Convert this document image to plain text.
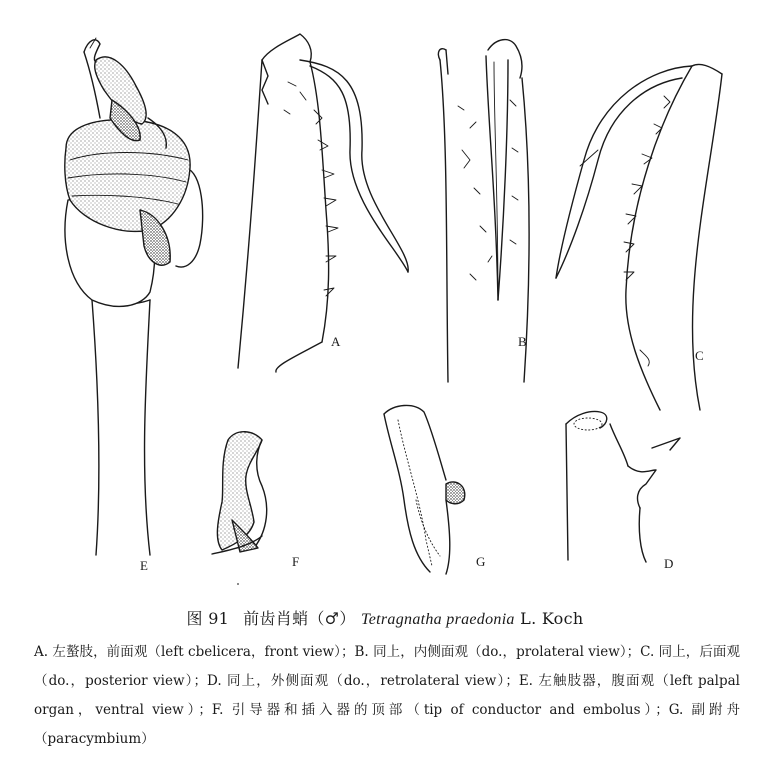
E
A	B
C
F	G	D
图 91 前齿肖蛸（♂） Tetragnatha praedonia L. Koch

A. 左螯肢，前面观（left cbelicera，front view）；B. 同上，内侧面观（do.，prolateral view）；C. 同上，后面观（do.，posterior view）；D. 同上，外侧面观（do.，retrolateral view）；E. 左触肢器，腹面观（left palpal organ，ventral view）；F. 引导器和插入器的顶部（tip of conductor and embolus）；G. 副跗舟（paracymbium）
